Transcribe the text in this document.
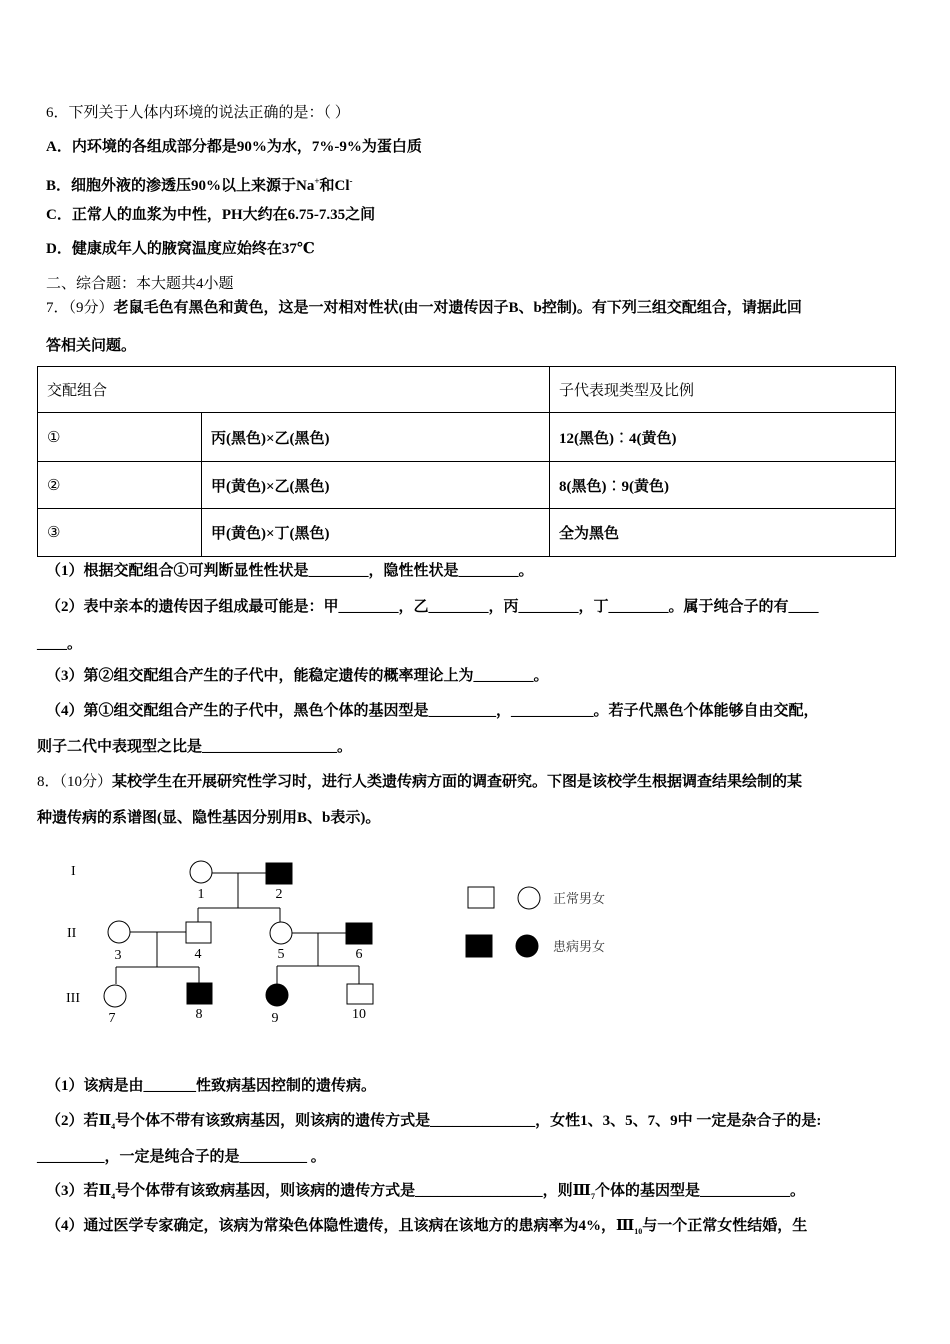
6．下列关于人体内环境的说法正确的是：（ ）
A．内环境的各组成部分都是90%为水，7%-9%为蛋白质
B．细胞外液的渗透压90%以上来源于Na+和Cl-
C．正常人的血浆为中性，PH大约在6.75-7.35之间
D．健康成年人的腋窝温度应始终在37℃
二、综合题：本大题共4小题
7．（9分）老鼠毛色有黑色和黄色，这是一对相对性状(由一对遗传因子B、b控制)。有下列三组交配组合，请据此回
答相关问题。
交配组合		子代表现类型及比例
①	丙(黑色)×乙(黑色)	12(黑色)︰4(黄色)
②	甲(黄色)×乙(黑色)	8(黑色)︰9(黄色)
③	甲(黄色)×丁(黑色)	全为黑色
（1）根据交配组合①可判断显性性状是________，隐性性状是________。
（2）表中亲本的遗传因子组成最可能是：甲________，乙________，丙________，丁________。属于纯合子的有____
____。
（3）第②组交配组合产生的子代中，能稳定遗传的概率理论上为________。
（4）第①组交配组合产生的子代中，黑色个体的基因型是_________，___________。若子代黑色个体能够自由交配，
则子二代中表现型之比是__________________。
8．（10分）某校学生在开展研究性学习时，进行人类遗传病方面的调查研究。下图是该校学生根据调查结果绘制的某
种遗传病的系谱图(显、隐性基因分别用B、b表示)。
I
II
III
1	2
3	4	5	6
7	8	9	10
正常男女
患病男女
（1）该病是由_______性致病基因控制的遗传病。
（2）若$Ⅱ_4$号个体不带有该致病基因，则该病的遗传方式是______________，女性1、3、5、7、9中 一定是杂合子的是:
_________，一定是纯合子的是_________ 。
（3）若$Ⅱ_4$号个体带有该致病基因，则该病的遗传方式是_________________，则$Ⅲ_7$个体的基因型是____________。
（4）通过医学专家确定，该病为常染色体隐性遗传，且该病在该地方的患病率为4%，$Ⅲ_{10}$与一个正常女性结婚，生
